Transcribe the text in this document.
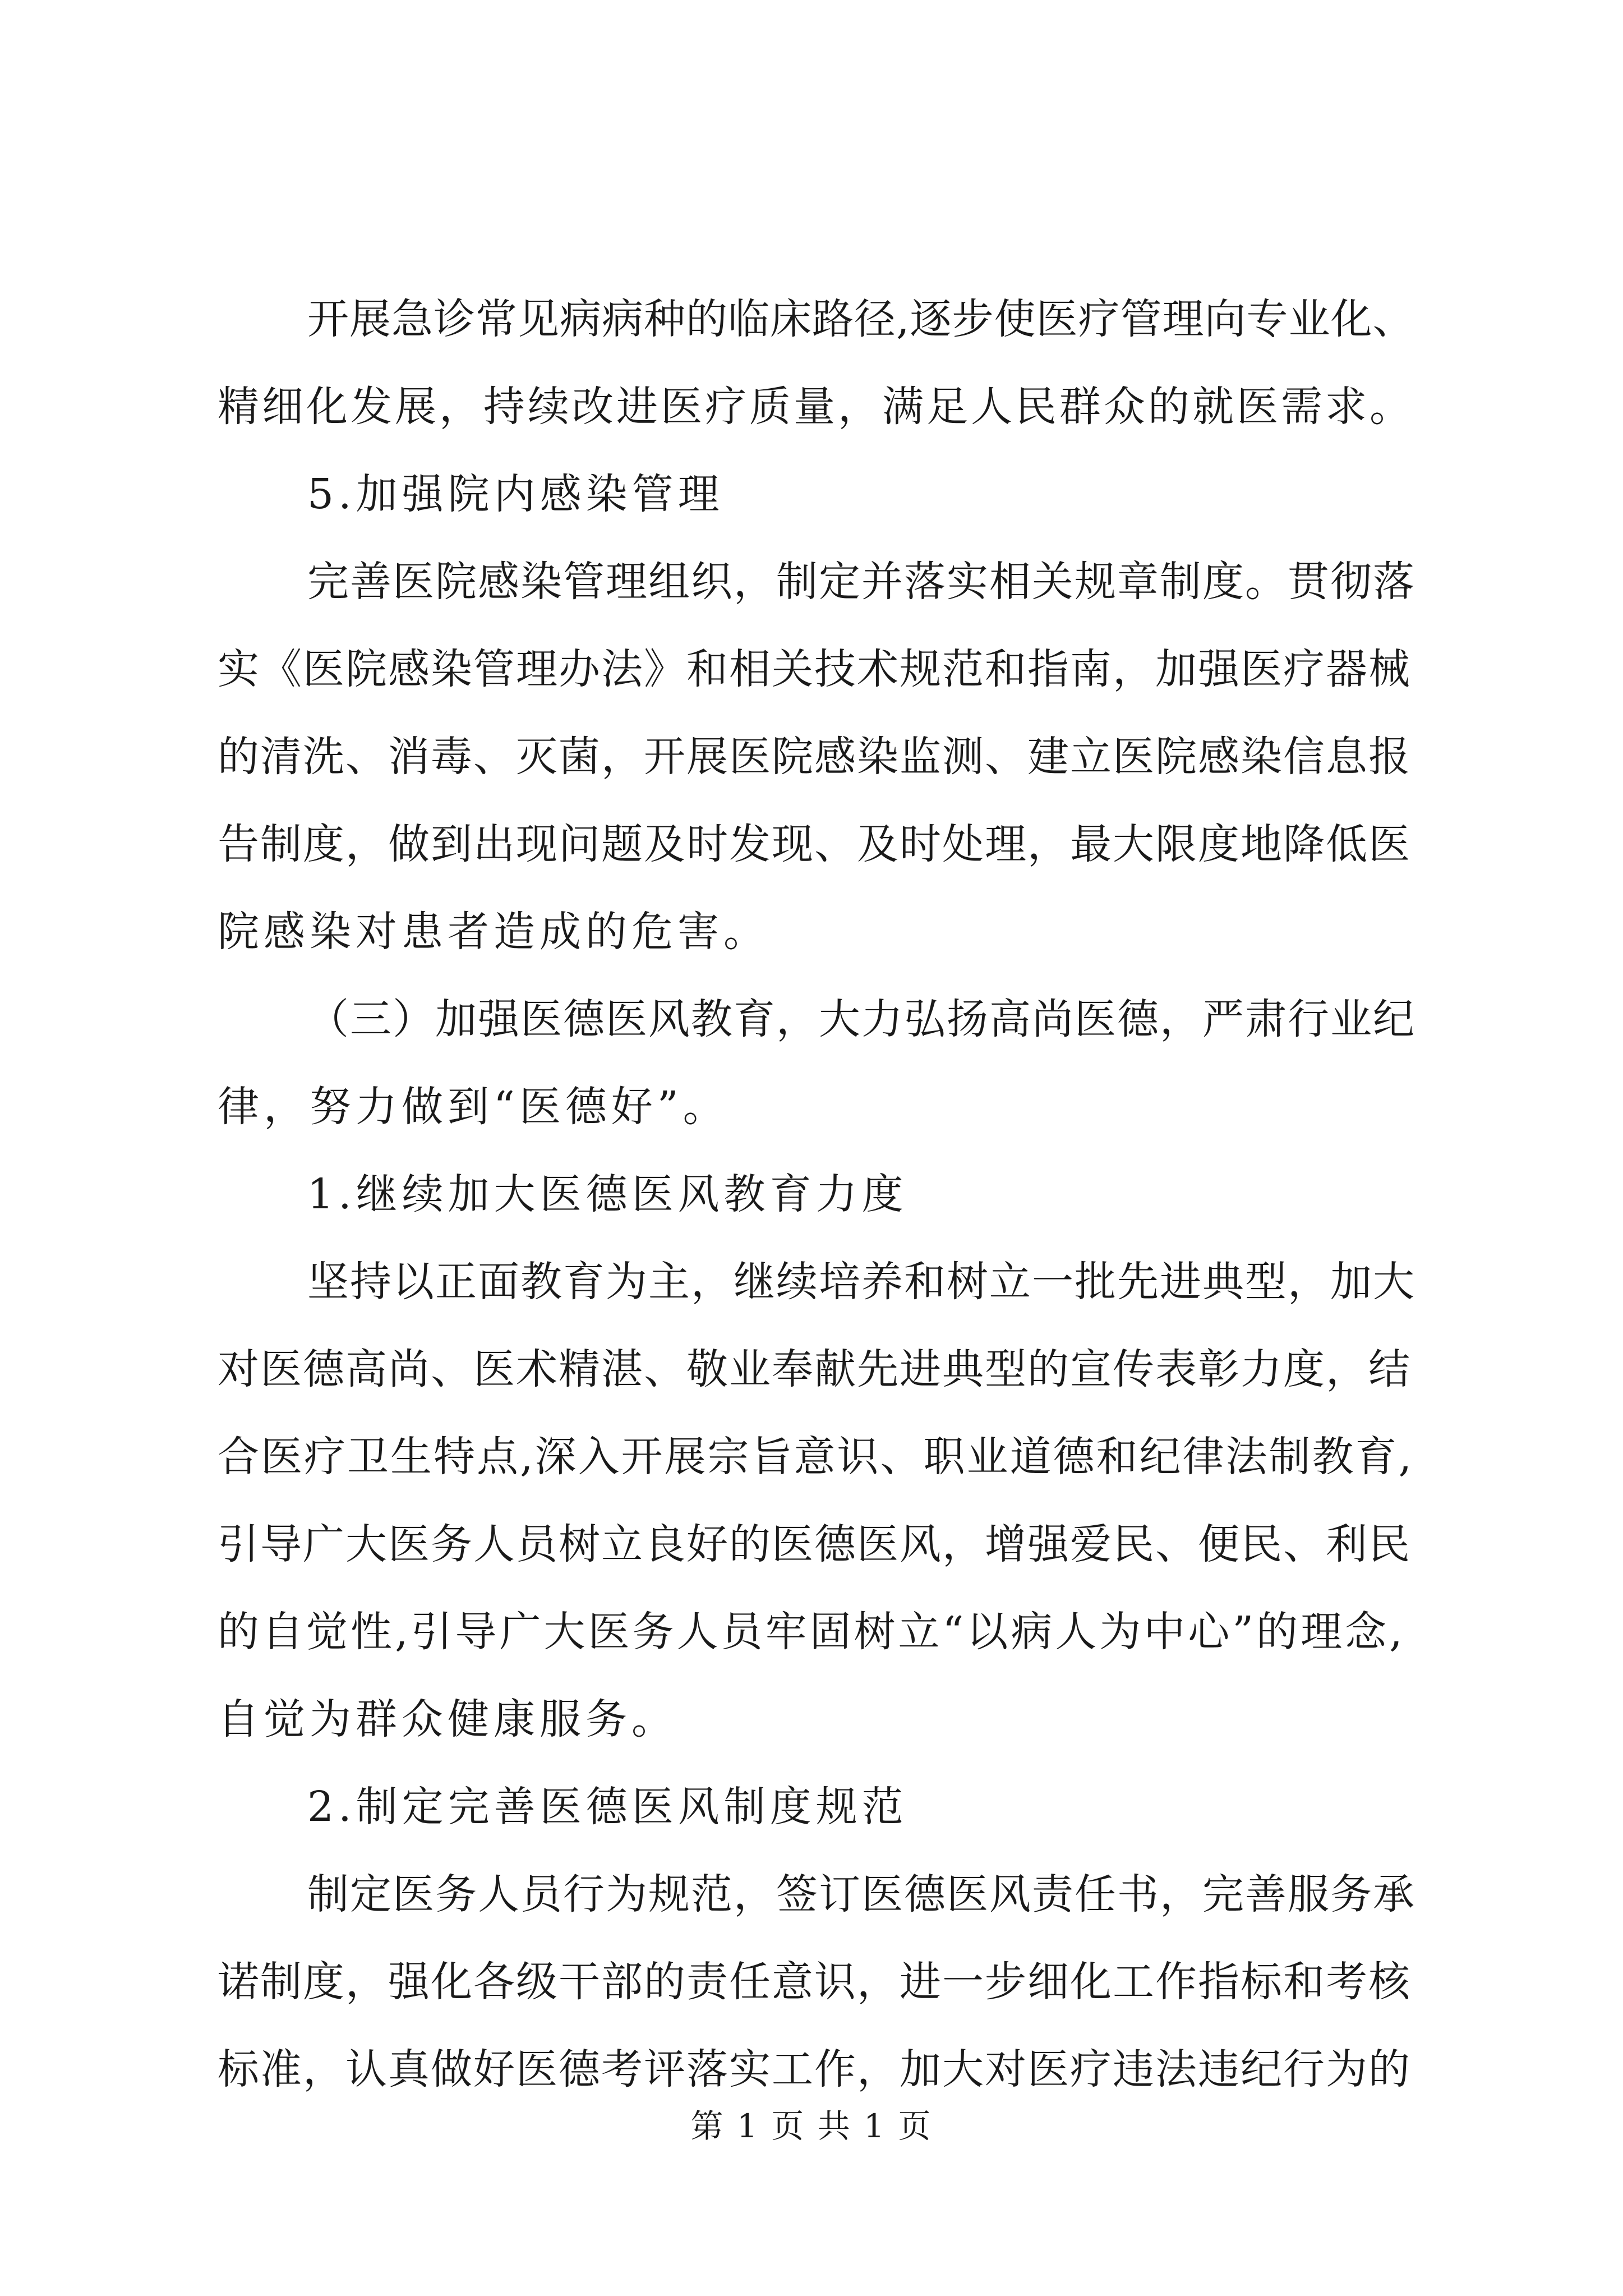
开展急诊常见病病种的临床路径,逐步使医疗管理向专业化、
精细化发展，持续改进医疗质量，满足人民群众的就医需求。
5.加强院内感染管理
完善医院感染管理组织，制定并落实相关规章制度。贯彻落
实《医院感染管理办法》和相关技术规范和指南，加强医疗器械
的清洗、消毒、灭菌，开展医院感染监测、建立医院感染信息报
告制度，做到出现问题及时发现、及时处理，最大限度地降低医
院感染对患者造成的危害。
（三）加强医德医风教育，大力弘扬高尚医德，严肃行业纪
律，努力做到“医德好”。
1.继续加大医德医风教育力度
坚持以正面教育为主，继续培养和树立一批先进典型，加大
对医德高尚、医术精湛、敬业奉献先进典型的宣传表彰力度，结
合医疗卫生特点,深入开展宗旨意识、职业道德和纪律法制教育,
引导广大医务人员树立良好的医德医风，增强爱民、便民、利民
的自觉性,引导广大医务人员牢固树立“以病人为中心”的理念,
自觉为群众健康服务。
2.制定完善医德医风制度规范
制定医务人员行为规范，签订医德医风责任书，完善服务承
诺制度，强化各级干部的责任意识，进一步细化工作指标和考核
标准，认真做好医德考评落实工作，加大对医疗违法违纪行为的
第 1 页 共 1 页
